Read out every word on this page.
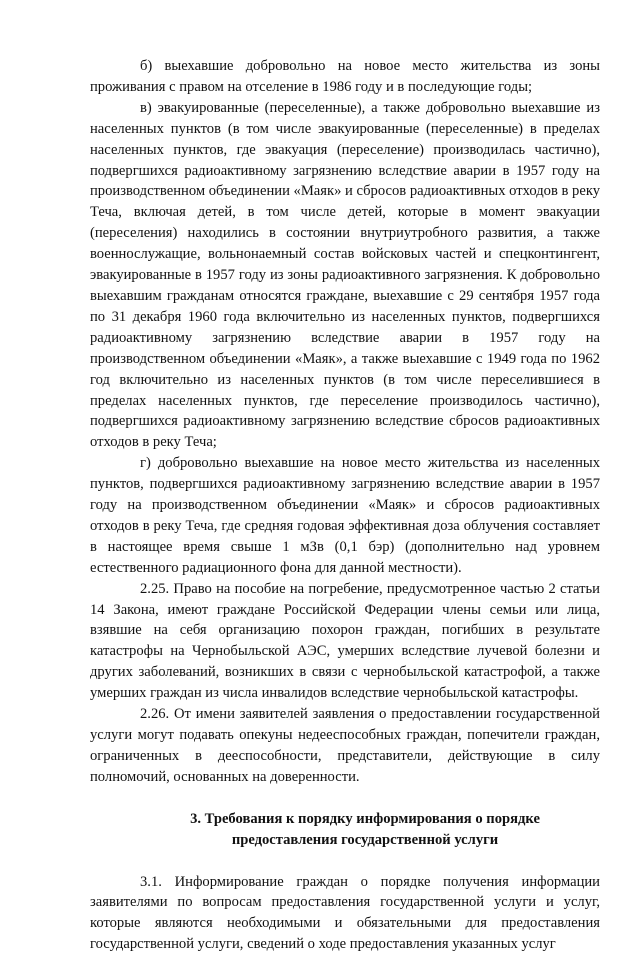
б) выехавшие добровольно на новое место жительства из зоны проживания с правом на отселение в 1986 году и в последующие годы;

в) эвакуированные (переселенные), а также добровольно выехавшие из населенных пунктов (в том числе эвакуированные (переселенные) в пределах населенных пунктов, где эвакуация (переселение) производилась частично), подвергшихся радиоактивному загрязнению вследствие аварии в 1957 году на производственном объединении «Маяк» и сбросов радиоактивных отходов в реку Теча, включая детей, в том числе детей, которые в момент эвакуации (переселения) находились в состоянии внутриутробного развития, а также военнослужащие, вольнонаемный состав войсковых частей и спецконтингент, эвакуированные в 1957 году из зоны радиоактивного загрязнения. К добровольно выехавшим гражданам относятся граждане, выехавшие с 29 сентября 1957 года по 31 декабря 1960 года включительно из населенных пунктов, подвергшихся радиоактивному загрязнению вследствие аварии в 1957 году на производственном объединении «Маяк», а также выехавшие с 1949 года по 1962 год включительно из населенных пунктов (в том числе переселившиеся в пределах населенных пунктов, где переселение производилось частично), подвергшихся радиоактивному загрязнению вследствие сбросов радиоактивных отходов в реку Теча;

г) добровольно выехавшие на новое место жительства из населенных пунктов, подвергшихся радиоактивному загрязнению вследствие аварии в 1957 году на производственном объединении «Маяк» и сбросов радиоактивных отходов в реку Теча, где средняя годовая эффективная доза облучения составляет в настоящее время свыше 1 мЗв (0,1 бэр) (дополнительно над уровнем естественного радиационного фона для данной местности).

2.25. Право на пособие на погребение, предусмотренное частью 2 статьи 14 Закона, имеют граждане Российской Федерации члены семьи или лица, взявшие на себя организацию похорон граждан, погибших в результате катастрофы на Чернобыльской АЭС, умерших вследствие лучевой болезни и других заболеваний, возникших в связи с чернобыльской катастрофой, а также умерших граждан из числа инвалидов вследствие чернобыльской катастрофы.

2.26. От имени заявителей заявления о предоставлении государственной услуги могут подавать опекуны недееспособных граждан, попечители граждан, ограниченных в дееспособности, представители, действующие в силу полномочий, основанных на доверенности.

3. Требования к порядку информирования о порядке
предоставления государственной услуги

3.1. Информирование граждан о порядке получения информации заявителями по вопросам предоставления государственной услуги и услуг, которые являются необходимыми и обязательными для предоставления государственной услуги, сведений о ходе предоставления указанных услуг
